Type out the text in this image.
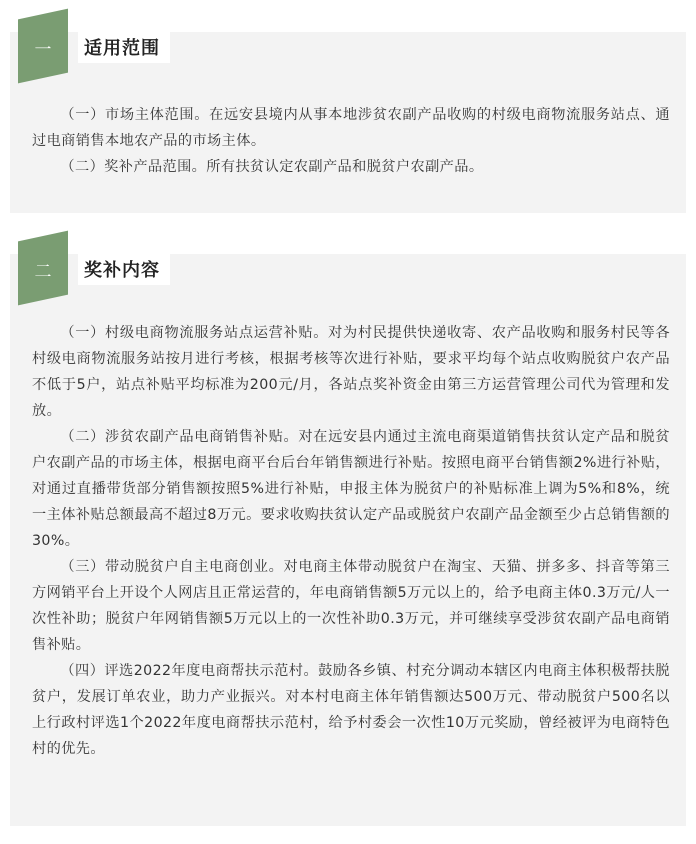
一	适用范围

（一）市场主体范围。在远安县境内从事本地涉贫农副产品收购的村级电商物流服务站点、通过电商销售本地农产品的市场主体。

（二）奖补产品范围。所有扶贫认定农副产品和脱贫户农副产品。

二	奖补内容

（一）村级电商物流服务站点运营补贴。对为村民提供快递收寄、农产品收购和服务村民等各村级电商物流服务站按月进行考核，根据考核等次进行补贴，要求平均每个站点收购脱贫户农产品不低于5户，站点补贴平均标准为200元/月，各站点奖补资金由第三方运营管理公司代为管理和发放。

（二）涉贫农副产品电商销售补贴。对在远安县内通过主流电商渠道销售扶贫认定产品和脱贫户农副产品的市场主体，根据电商平台后台年销售额进行补贴。按照电商平台销售额2%进行补贴，对通过直播带货部分销售额按照5%进行补贴，申报主体为脱贫户的补贴标准上调为5%和8%，统一主体补贴总额最高不超过8万元。要求收购扶贫认定产品或脱贫户农副产品金额至少占总销售额的30%。

（三）带动脱贫户自主电商创业。对电商主体带动脱贫户在淘宝、天猫、拼多多、抖音等第三方网销平台上开设个人网店且正常运营的，年电商销售额5万元以上的，给予电商主体0.3万元/人一次性补助；脱贫户年网销售额5万元以上的一次性补助0.3万元，并可继续享受涉贫农副产品电商销售补贴。

（四）评选2022年度电商帮扶示范村。鼓励各乡镇、村充分调动本辖区内电商主体积极帮扶脱贫户，发展订单农业，助力产业振兴。对本村电商主体年销售额达500万元、带动脱贫户500名以上行政村评选1个2022年度电商帮扶示范村，给予村委会一次性10万元奖励，曾经被评为电商特色村的优先。
